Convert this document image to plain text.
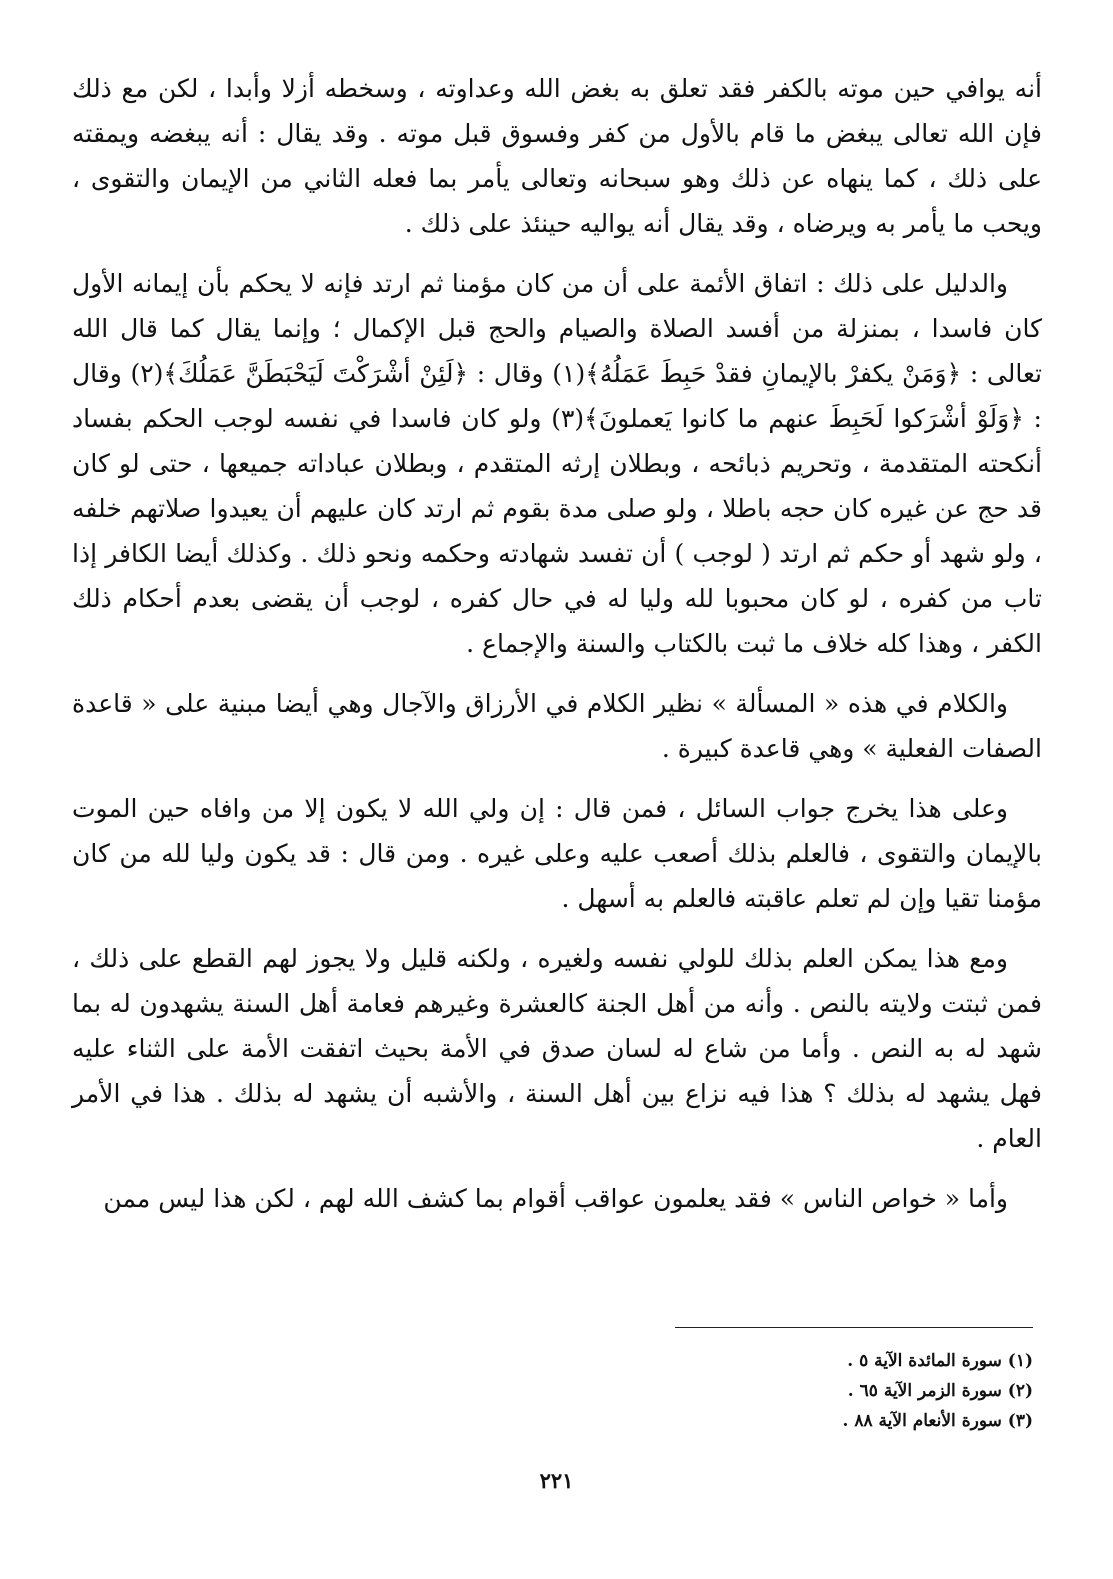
أنه يوافي حين موته بالكفر فقد تعلق به بغض الله وعداوته ، وسخطه أزلا وأبدا ، لكن مع ذلك فإن الله تعالى يبغض ما قام بالأول من كفر وفسوق قبل موته . وقد يقال : أنه يبغضه ويمقته على ذلك ، كما ينهاه عن ذلك وهو سبحانه وتعالى يأمر بما فعله الثاني من الإيمان والتقوى ، ويحب ما يأمر به ويرضاه ، وقد يقال أنه يواليه حينئذ على ذلك .

والدليل على ذلك : اتفاق الأئمة على أن من كان مؤمنا ثم ارتد فإنه لا يحكم بأن إيمانه الأول كان فاسدا ، بمنزلة من أفسد الصلاة والصيام والحج قبل الإكمال ؛ وإنما يقال كما قال الله تعالى : ﴿وَمَنْ يكفرْ بالإيمانِ فقدْ حَبِطَ عَمَلُهُ﴾(١) وقال : ﴿لَئِنْ أشْرَكْتَ لَيَحْبَطَنَّ عَمَلُكَ﴾(٢) وقال : ﴿وَلَوْ أشْرَكوا لَحَبِطَ عنهم ما كانوا يَعملونَ﴾(٣) ولو كان فاسدا في نفسه لوجب الحكم بفساد أنكحته المتقدمة ، وتحريم ذبائحه ، وبطلان إرثه المتقدم ، وبطلان عباداته جميعها ، حتى لو كان قد حج عن غيره كان حجه باطلا ، ولو صلى مدة بقوم ثم ارتد كان عليهم أن يعيدوا صلاتهم خلفه ، ولو شهد أو حكم ثم ارتد ( لوجب ) أن تفسد شهادته وحكمه ونحو ذلك . وكذلك أيضا الكافر إذا تاب من كفره ، لو كان محبوبا لله وليا له في حال كفره ، لوجب أن يقضى بعدم أحكام ذلك الكفر ، وهذا كله خلاف ما ثبت بالكتاب والسنة والإجماع .

والكلام في هذه « المسألة » نظير الكلام في الأرزاق والآجال وهي أيضا مبنية على « قاعدة الصفات الفعلية » وهي قاعدة كبيرة .

وعلى هذا يخرج جواب السائل ، فمن قال : إن ولي الله لا يكون إلا من وافاه حين الموت بالإيمان والتقوى ، فالعلم بذلك أصعب عليه وعلى غيره . ومن قال : قد يكون وليا لله من كان مؤمنا تقيا وإن لم تعلم عاقبته فالعلم به أسهل .

ومع هذا يمكن العلم بذلك للولي نفسه ولغيره ، ولكنه قليل ولا يجوز لهم القطع على ذلك ، فمن ثبتت ولايته بالنص . وأنه من أهل الجنة كالعشرة وغيرهم فعامة أهل السنة يشهدون له بما شهد له به النص . وأما من شاع له لسان صدق في الأمة بحيث اتفقت الأمة على الثناء عليه فهل يشهد له بذلك ؟ هذا فيه نزاع بين أهل السنة ، والأشبه أن يشهد له بذلك . هذا في الأمر العام .

وأما « خواص الناس » فقد يعلمون عواقب أقوام بما كشف الله لهم ، لكن هذا ليس ممن

(١) سورة المائدة الآية ٥ .
(٢) سورة الزمر الآية ٦٥ .
(٣) سورة الأنعام الآية ٨٨ .
٢٢١
